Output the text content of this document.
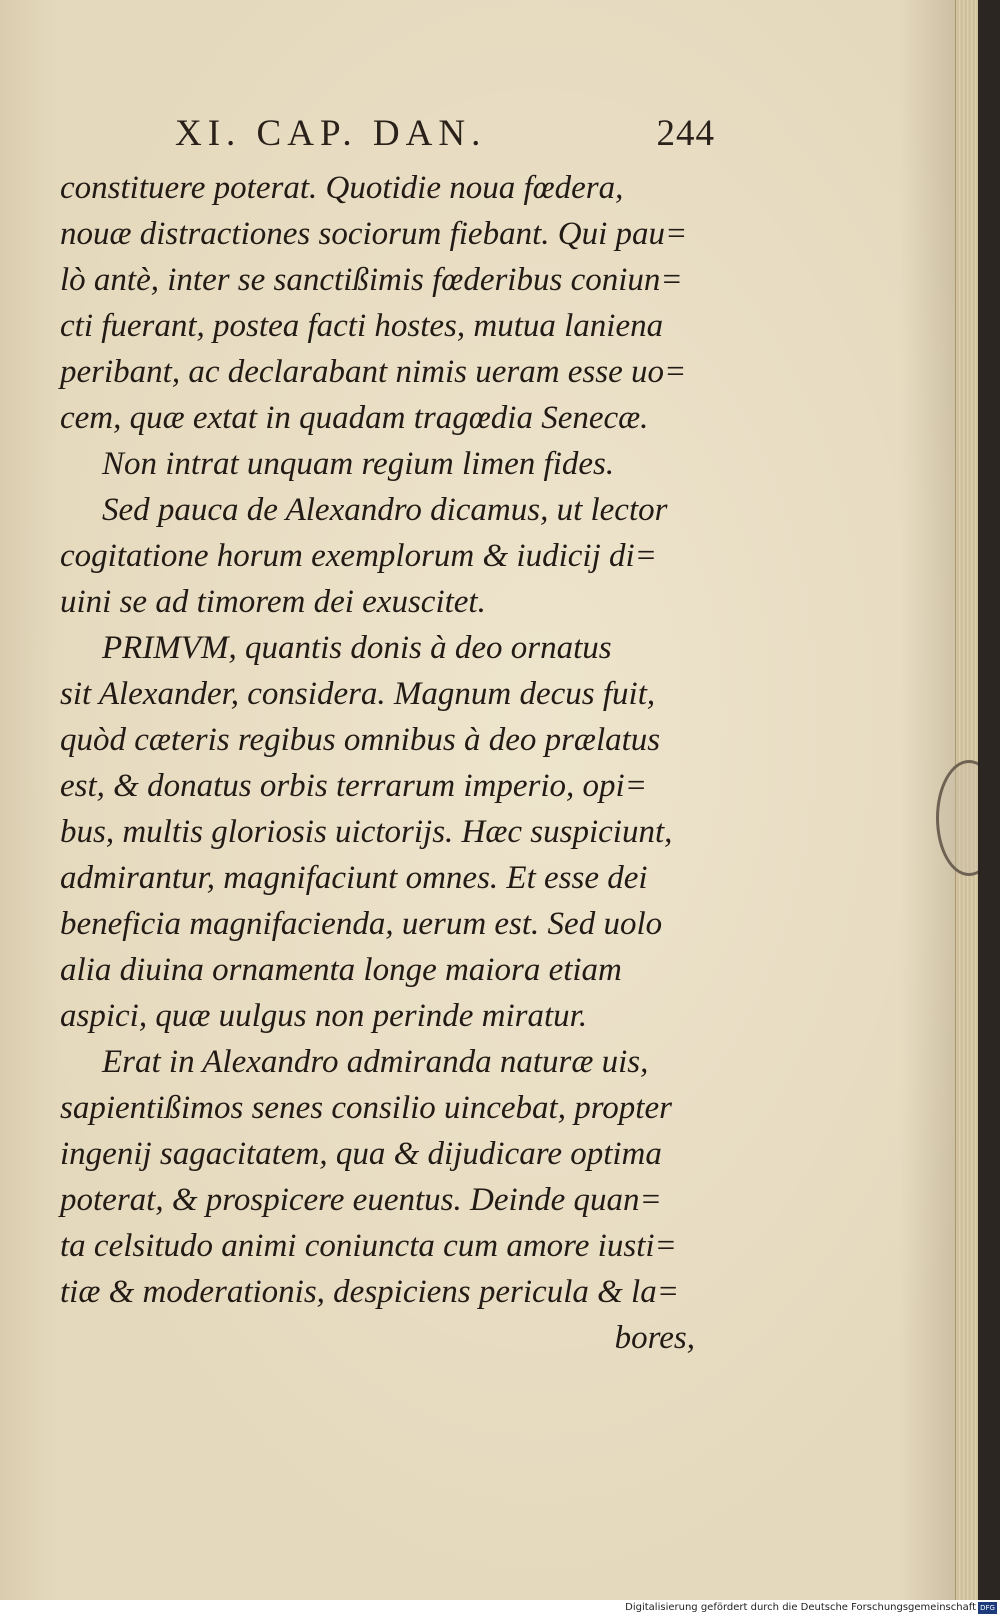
XI. CAP. DAN.	244
constituere poterat. Quotidie noua fœdera,
nouæ distractiones sociorum fiebant. Qui pau=
lò antè, inter se sanctißimis fœderibus coniun=
cti fuerant, postea facti hostes, mutua laniena
peribant, ac declarabant nimis ueram esse uo=
cem, quæ extat in quadam tragœdia Senecæ.
Non intrat unquam regium limen fides.
Sed pauca de Alexandro dicamus, ut lector
cogitatione horum exemplorum & iudicij di=
uini se ad timorem dei exuscitet.
PRIMVM, quantis donis à deo ornatus
sit Alexander, considera. Magnum decus fuit,
quòd cæteris regibus omnibus à deo prælatus
est, & donatus orbis terrarum imperio, opi=
bus, multis gloriosis uictorijs. Hæc suspiciunt,
admirantur, magnifaciunt omnes. Et esse dei
beneficia magnifacienda, uerum est. Sed uolo
alia diuina ornamenta longe maiora etiam
aspici, quæ uulgus non perinde miratur.
Erat in Alexandro admiranda naturæ uis,
sapientißimos senes consilio uincebat, propter
ingenij sagacitatem, qua & dijudicare optima
poterat, & prospicere euentus. Deinde quan=
ta celsitudo animi coniuncta cum amore iusti=
tiæ & moderationis, despiciens pericula & la=
bores,
Digitalisierung gefördert durch die Deutsche Forschungsgemeinschaft DFG
